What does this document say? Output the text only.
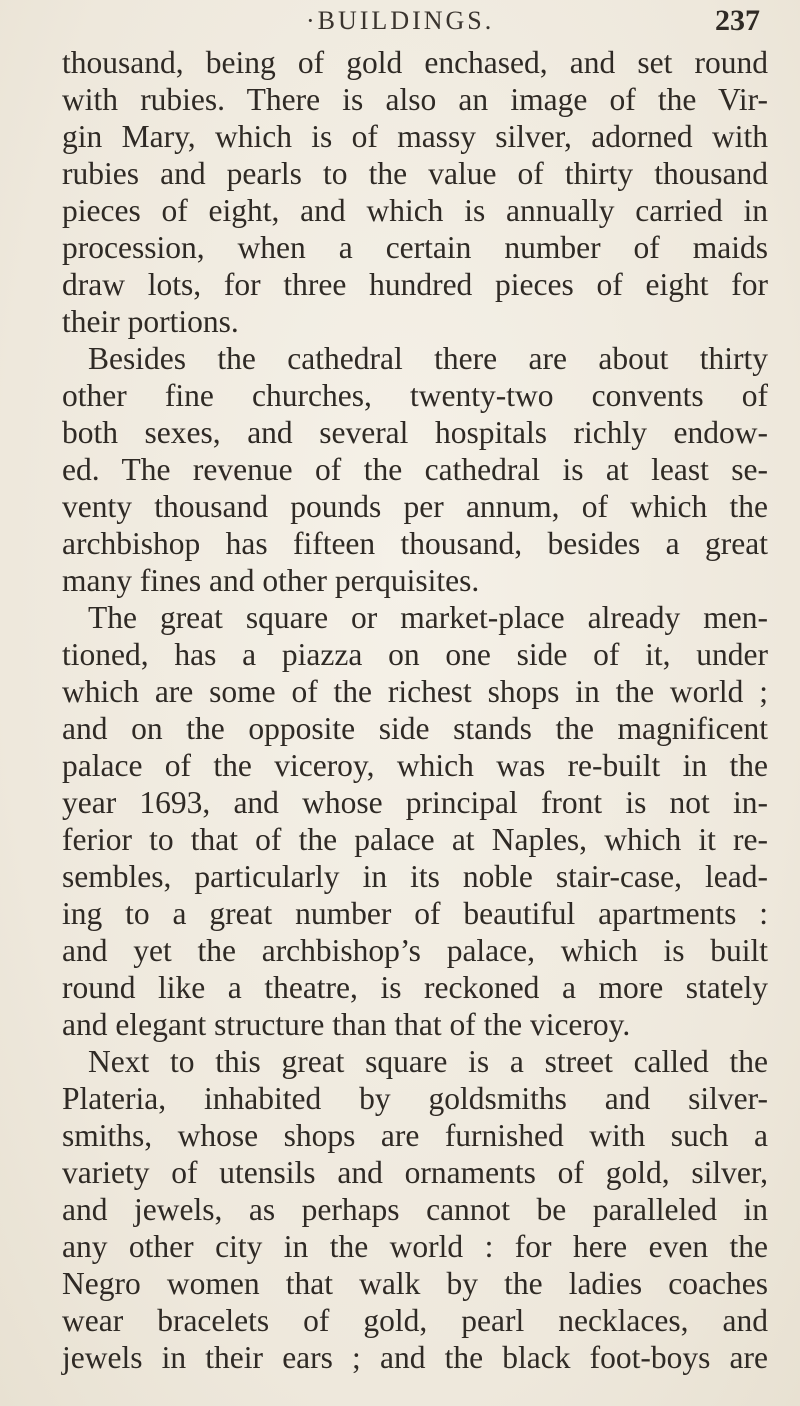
·BUILDINGS.	237
thousand, being of gold enchased, and set round
with rubies. There is also an image of the Vir-
gin Mary, which is of massy silver, adorned with
rubies and pearls to the value of thirty thousand
pieces of eight, and which is annually carried in
procession, when a certain number of maids
draw lots, for three hundred pieces of eight for
their portions.
Besides the cathedral there are about thirty
other fine churches, twenty-two convents of
both sexes, and several hospitals richly endow-
ed. The revenue of the cathedral is at least se-
venty thousand pounds per annum, of which the
archbishop has fifteen thousand, besides a great
many fines and other perquisites.
The great square or market-place already men-
tioned, has a piazza on one side of it, under
which are some of the richest shops in the world ;
and on the opposite side stands the magnificent
palace of the viceroy, which was re-built in the
year 1693, and whose principal front is not in-
ferior to that of the palace at Naples, which it re-
sembles, particularly in its noble stair-case, lead-
ing to a great number of beautiful apartments :
and yet the archbishop’s palace, which is built
round like a theatre, is reckoned a more stately
and elegant structure than that of the viceroy.
Next to this great square is a street called the
Plateria, inhabited by goldsmiths and silver-
smiths, whose shops are furnished with such a
variety of utensils and ornaments of gold, silver,
and jewels, as perhaps cannot be paralleled in
any other city in the world : for here even the
Negro women that walk by the ladies coaches
wear bracelets of gold, pearl necklaces, and
jewels in their ears ; and the black foot-boys are
